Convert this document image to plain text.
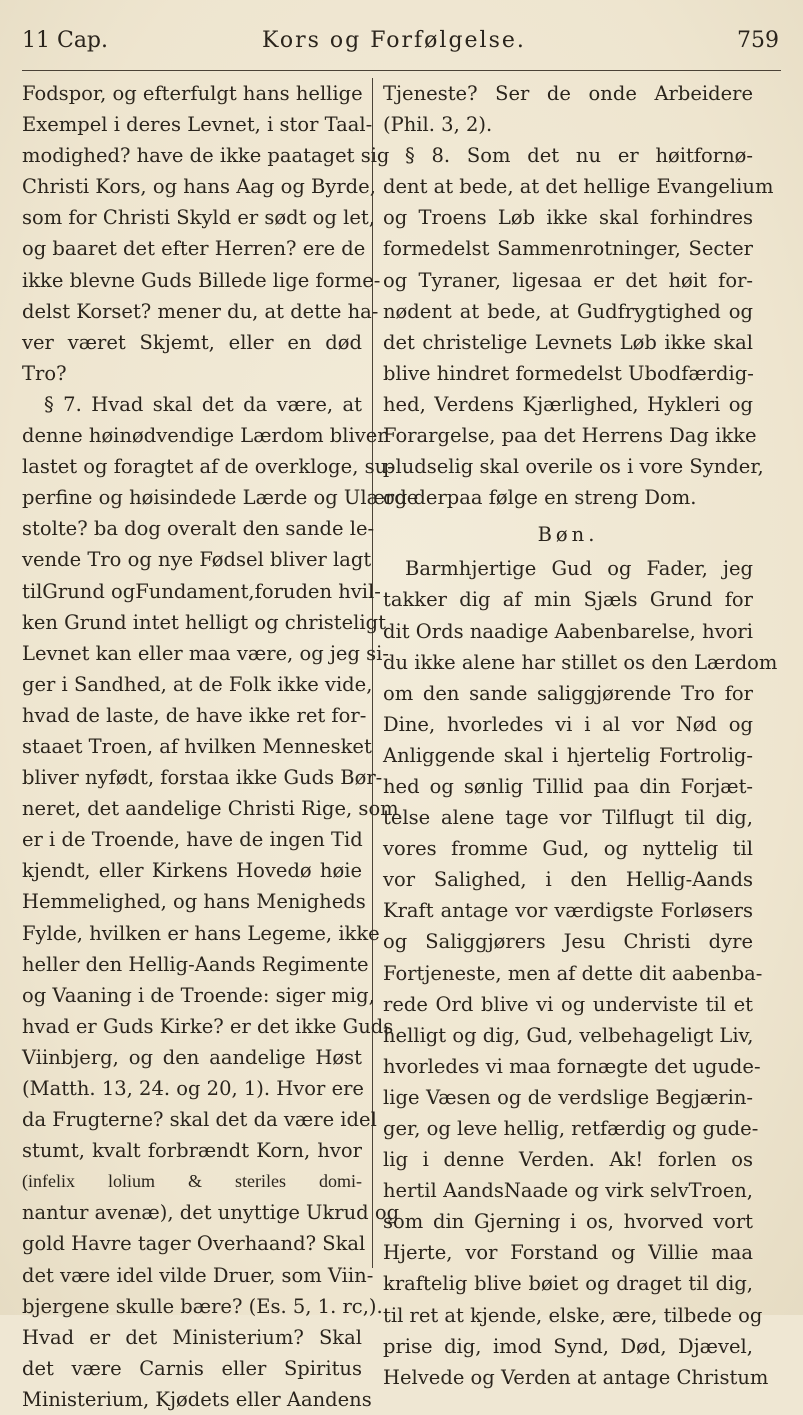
11 Cap.	Kors og Forfølgelse.	759
Fodspor, og efterfulgt hans hellige
Exempel i deres Levnet, i stor Taal-
modighed? have de ikke paataget sig
Christi Kors, og hans Aag og Byrde,
som for Christi Skyld er sødt og let,
og baaret det efter Herren? ere de
ikke blevne Guds Billede lige forme-
delst Korset? mener du, at dette ha-
ver været Skjemt, eller en død
Tro?
§ 7. Hvad skal det da være, at
denne høinødvendige Lærdom bliver
lastet og foragtet af de overkloge, su-
perfine og høisindede Lærde og Ulærde
stolte? ba dog overalt den sande le-
vende Tro og nye Fødsel bliver lagt
tilGrund ogFundament,foruden hvil-
ken Grund intet helligt og christeligt
Levnet kan eller maa være, og jeg si-
ger i Sandhed, at de Folk ikke vide,
hvad de laste, de have ikke ret for-
staaet Troen, af hvilken Mennesket
bliver nyfødt, forstaa ikke Guds Bør-
neret, det aandelige Christi Rige, som
er i de Troende, have de ingen Tid
kjendt, eller Kirkens Hovedø høie
Hemmelighed, og hans Menigheds
Fylde, hvilken er hans Legeme, ikke
heller den Hellig-Aands Regimente
og Vaaning i de Troende: siger mig,
hvad er Guds Kirke? er det ikke Guds
Viinbjerg, og den aandelige Høst
(Matth. 13, 24. og 20, 1). Hvor ere
da Frugterne? skal det da være idel
stumt, kvalt forbrændt Korn, hvor
(infelix lolium & steriles domi-
nantur avenæ), det unyttige Ukrud og
gold Havre tager Overhaand? Skal
det være idel vilde Druer, som Viin-
bjergene skulle bære? (Es. 5, 1. rc,).
Hvad er det Ministerium? Skal
det være Carnis eller Spiritus
Ministerium, Kjødets eller Aandens
Tjeneste? Ser de onde Arbeidere
(Phil. 3, 2).
§ 8. Som det nu er høitfornø-
dent at bede, at det hellige Evangelium
og Troens Løb ikke skal forhindres
formedelst Sammenrotninger, Secter
og Tyraner, ligesaa er det høit for-
nødent at bede, at Gudfrygtighed og
det christelige Levnets Løb ikke skal
blive hindret formedelst Ubodfærdig-
hed, Verdens Kjærlighed, Hykleri og
Forargelse, paa det Herrens Dag ikke
pludselig skal overile os i vore Synder,
og derpaa følge en streng Dom.
Bøn.
Barmhjertige Gud og Fader, jeg
takker dig af min Sjæls Grund for
dit Ords naadige Aabenbarelse, hvori
du ikke alene har stillet os den Lærdom
om den sande saliggjørende Tro for
Dine, hvorledes vi i al vor Nød og
Anliggende skal i hjertelig Fortrolig-
hed og sønlig Tillid paa din Forjæt-
telse alene tage vor Tilflugt til dig,
vores fromme Gud, og nyttelig til
vor Salighed, i den Hellig-Aands
Kraft antage vor værdigste Forløsers
og Saliggjørers Jesu Christi dyre
Fortjeneste, men af dette dit aabenba-
rede Ord blive vi og underviste til et
helligt og dig, Gud, velbehageligt Liv,
hvorledes vi maa fornægte det ugude-
lige Væsen og de verdslige Begjærin-
ger, og leve hellig, retfærdig og gude-
lig i denne Verden. Ak! forlen os
hertil AandsNaade og virk selvTroen,
som din Gjerning i os, hvorved vort
Hjerte, vor Forstand og Villie maa
kraftelig blive bøiet og draget til dig,
til ret at kjende, elske, ære, tilbede og
prise dig, imod Synd, Død, Djævel,
Helvede og Verden at antage Christum
